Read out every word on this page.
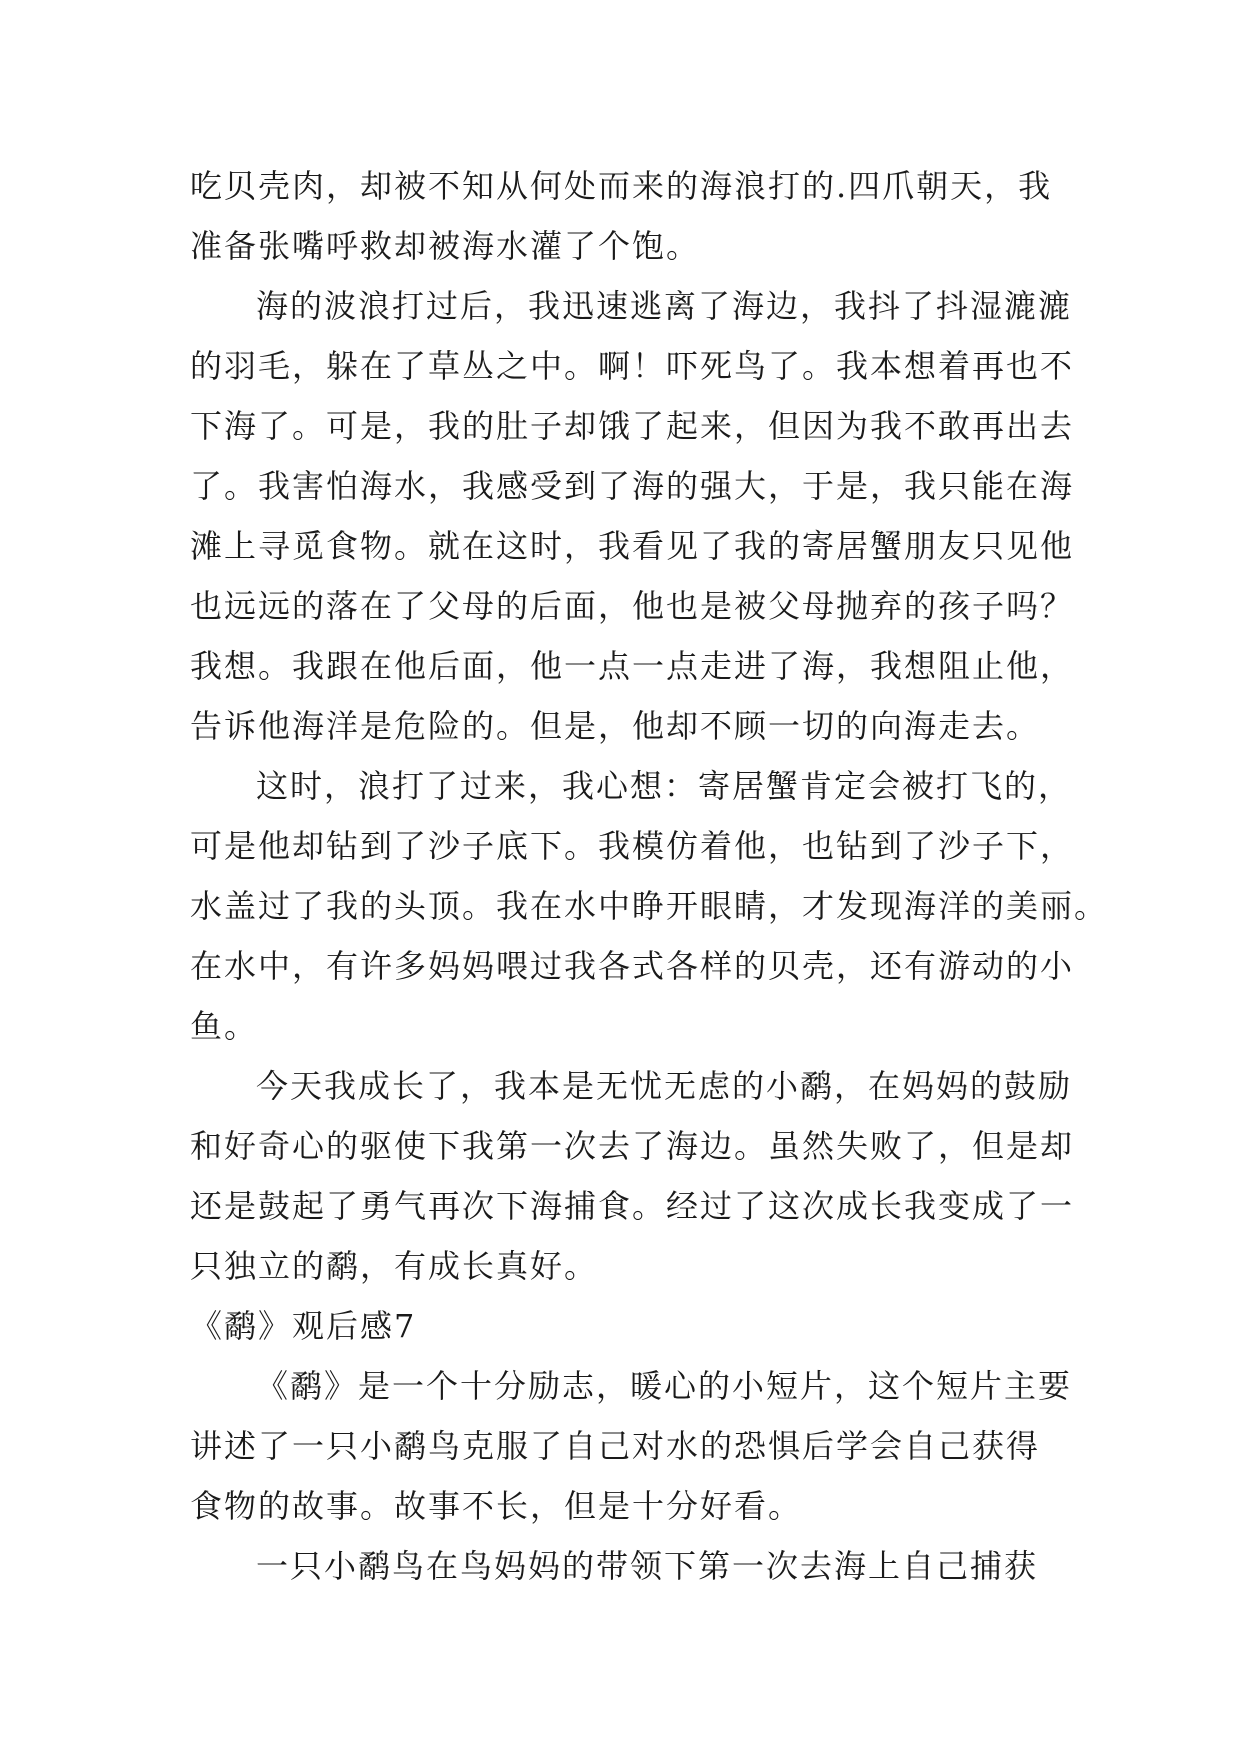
吃贝壳肉，却被不知从何处而来的海浪打的.四爪朝天，我
准备张嘴呼救却被海水灌了个饱。
海的波浪打过后，我迅速逃离了海边，我抖了抖湿漉漉
的羽毛，躲在了草丛之中。啊！吓死鸟了。我本想着再也不
下海了。可是，我的肚子却饿了起来，但因为我不敢再出去
了。我害怕海水，我感受到了海的强大，于是，我只能在海
滩上寻觅食物。就在这时，我看见了我的寄居蟹朋友只见他
也远远的落在了父母的后面，他也是被父母抛弃的孩子吗？
我想。我跟在他后面，他一点一点走进了海，我想阻止他，
告诉他海洋是危险的。但是，他却不顾一切的向海走去。
这时，浪打了过来，我心想：寄居蟹肯定会被打飞的，
可是他却钻到了沙子底下。我模仿着他，也钻到了沙子下，
水盖过了我的头顶。我在水中睁开眼睛，才发现海洋的美丽。
在水中，有许多妈妈喂过我各式各样的贝壳，还有游动的小
鱼。
今天我成长了，我本是无忧无虑的小鹬，在妈妈的鼓励
和好奇心的驱使下我第一次去了海边。虽然失败了，但是却
还是鼓起了勇气再次下海捕食。经过了这次成长我变成了一
只独立的鹬，有成长真好。
《鹬》观后感7
《鹬》是一个十分励志，暖心的小短片，这个短片主要
讲述了一只小鹬鸟克服了自己对水的恐惧后学会自己获得
食物的故事。故事不长，但是十分好看。
一只小鹬鸟在鸟妈妈的带领下第一次去海上自己捕获
